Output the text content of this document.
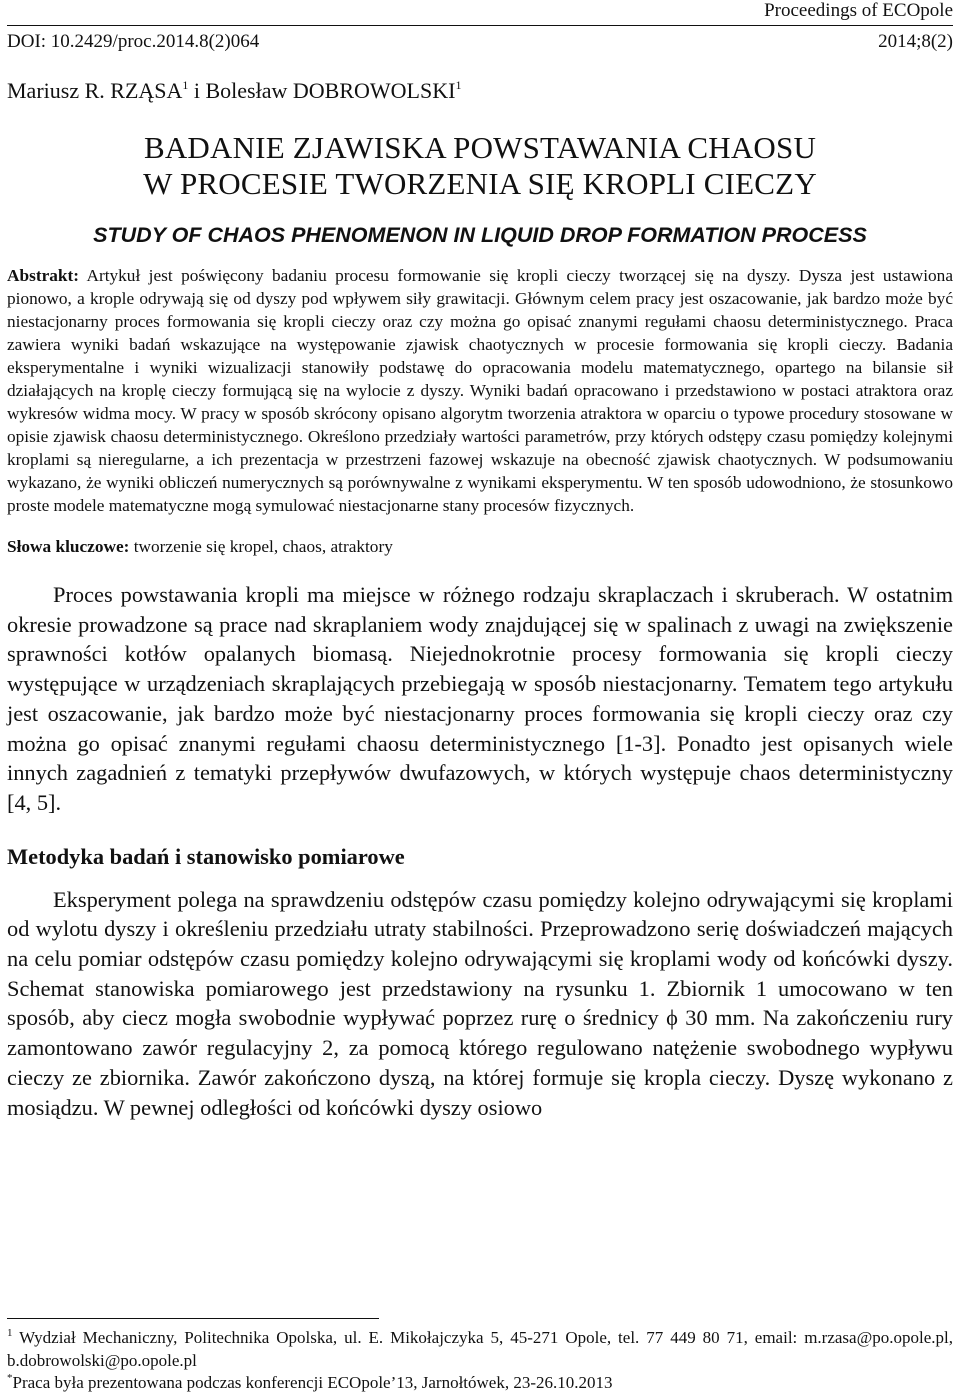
Proceedings of ECOpole
DOI: 10.2429/proc.2014.8(2)064	2014;8(2)
Mariusz R. RZĄSA$^1$ i Bolesław DOBROWOLSKI$^1$
BADANIE ZJAWISKA POWSTAWANIA CHAOSU
W PROCESIE TWORZENIA SIĘ KROPLI CIECZY
STUDY OF CHAOS PHENOMENON IN LIQUID DROP FORMATION PROCESS
Abstrakt: Artykuł jest poświęcony badaniu procesu formowanie się kropli cieczy tworzącej się na dyszy. Dysza jest ustawiona pionowo, a krople odrywają się od dyszy pod wpływem siły grawitacji. Głównym celem pracy jest oszacowanie, jak bardzo może być niestacjonarny proces formowania się kropli cieczy oraz czy można go opisać znanymi regułami chaosu deterministycznego. Praca zawiera wyniki badań wskazujące na występowanie zjawisk chaotycznych w procesie formowania się kropli cieczy. Badania eksperymentalne i wyniki wizualizacji stanowiły podstawę do opracowania modelu matematycznego, opartego na bilansie sił działających na kroplę cieczy formującą się na wylocie z dyszy. Wyniki badań opracowano i przedstawiono w postaci atraktora oraz wykresów widma mocy. W pracy w sposób skrócony opisano algorytm tworzenia atraktora w oparciu o typowe procedury stosowane w opisie zjawisk chaosu deterministycznego. Określono przedziały wartości parametrów, przy których odstępy czasu pomiędzy kolejnymi kroplami są nieregularne, a ich prezentacja w przestrzeni fazowej wskazuje na obecność zjawisk chaotycznych. W podsumowaniu wykazano, że wyniki obliczeń numerycznych są porównywalne z wynikami eksperymentu. W ten sposób udowodniono, że stosunkowo proste modele matematyczne mogą symulować niestacjonarne stany procesów fizycznych.
Słowa kluczowe: tworzenie się kropel, chaos, atraktory

Proces powstawania kropli ma miejsce w różnego rodzaju skraplaczach i skruberach. W ostatnim okresie prowadzone są prace nad skraplaniem wody znajdującej się w spalinach z uwagi na zwiększenie sprawności kotłów opalanych biomasą. Niejednokrotnie procesy formowania się kropli cieczy występujące w urządzeniach skraplających przebiegają w sposób niestacjonarny. Tematem tego artykułu jest oszacowanie, jak bardzo może być niestacjonarny proces formowania się kropli cieczy oraz czy można go opisać znanymi regułami chaosu deterministycznego [1-3]. Ponadto jest opisanych wiele innych zagadnień z tematyki przepływów dwufazowych, w których występuje chaos deterministyczny [4, 5].

Metodyka badań i stanowisko pomiarowe

Eksperyment polega na sprawdzeniu odstępów czasu pomiędzy kolejno odrywającymi się kroplami od wylotu dyszy i określeniu przedziału utraty stabilności. Przeprowadzono serię doświadczeń mających na celu pomiar odstępów czasu pomiędzy kolejno odrywającymi się kroplami wody od końcówki dyszy. Schemat stanowiska pomiarowego jest przedstawiony na rysunku 1. Zbiornik 1 umocowano w ten sposób, aby ciecz mogła swobodnie wypływać poprzez rurę o średnicy ϕ 30 mm. Na zakończeniu rury zamontowano zawór regulacyjny 2, za pomocą którego regulowano natężenie swobodnego wypływu cieczy ze zbiornika. Zawór zakończono dyszą, na której formuje się kropla cieczy. Dyszę wykonano z mosiądzu. W pewnej odległości od końcówki dyszy osiowo

$^1$ Wydział Mechaniczny, Politechnika Opolska, ul. E. Mikołajczyka 5, 45-271 Opole, tel. 77 449 80 71, email: m.rzasa@po.opole.pl, b.dobrowolski@po.opole.pl
*Praca była prezentowana podczas konferencji ECOpole’13, Jarnołtówek, 23-26.10.2013
